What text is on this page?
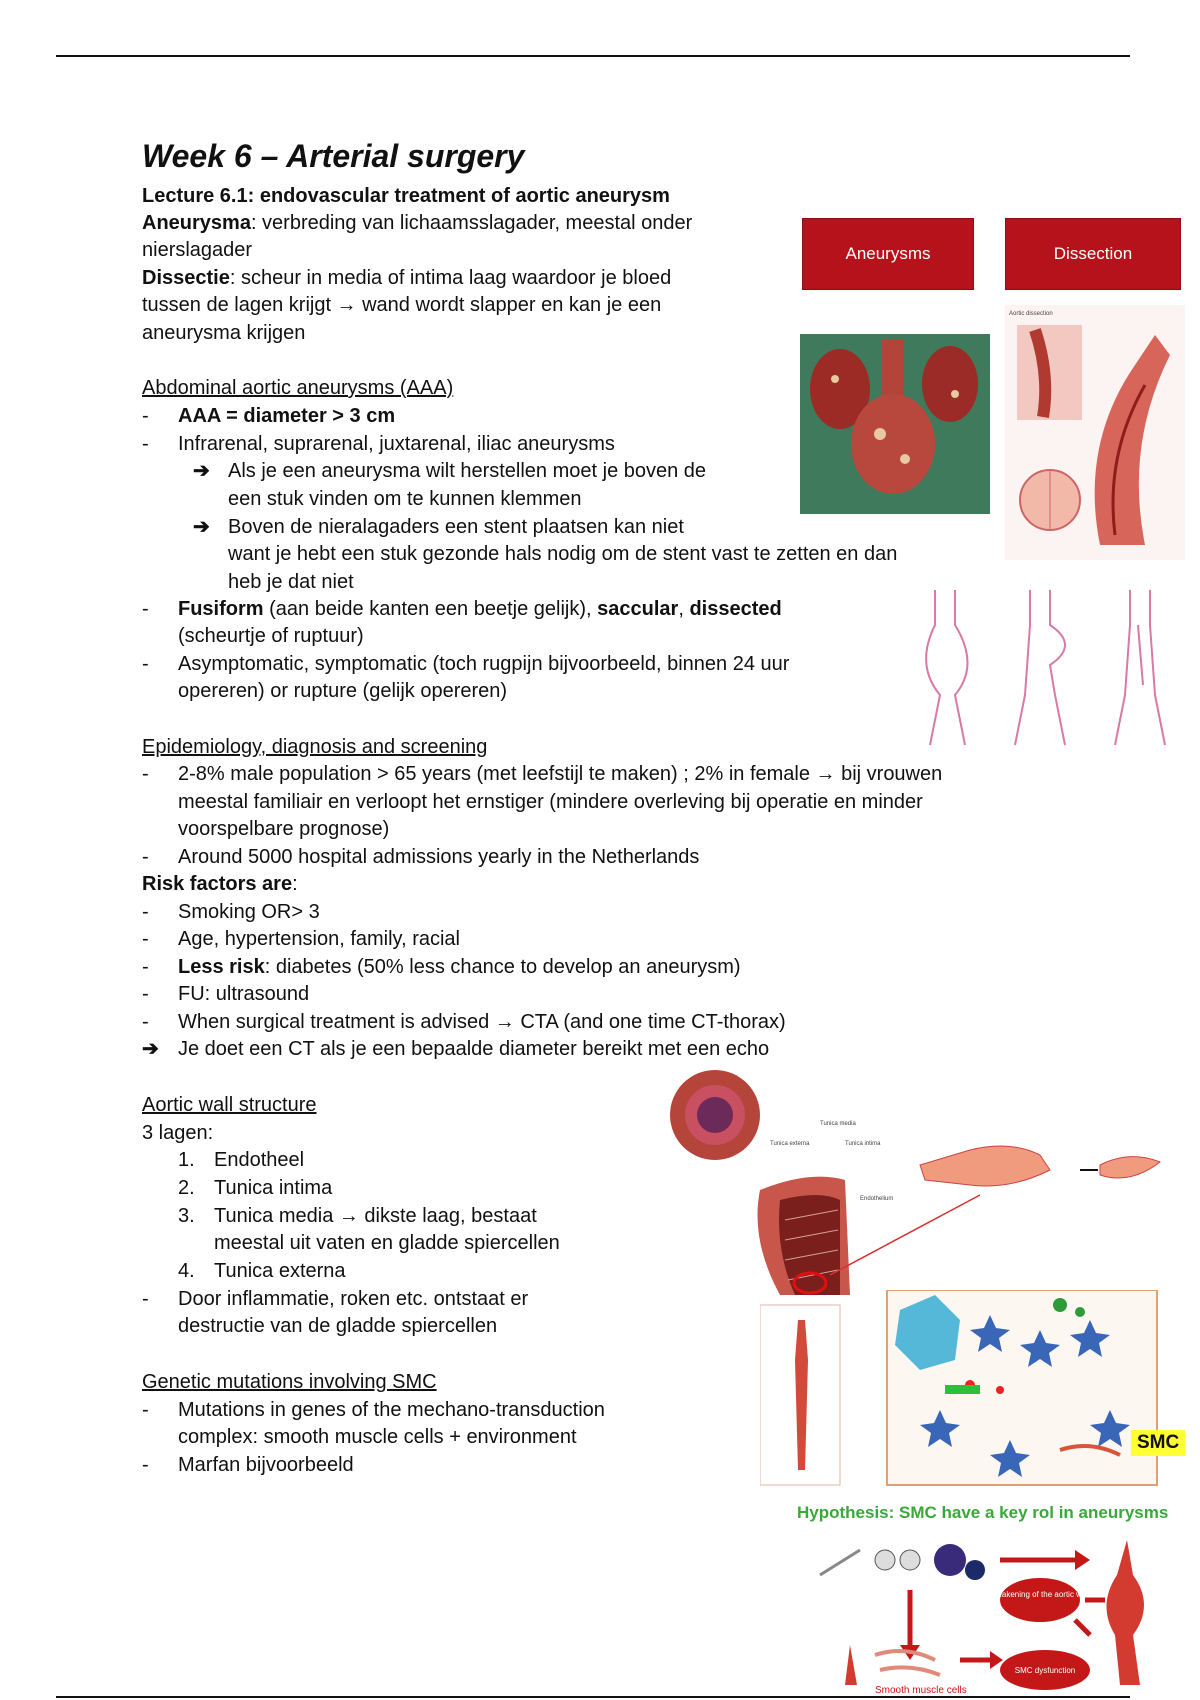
Week 6 – Arterial surgery
Lecture 6.1: endovascular treatment of aortic aneurysm
Aneurysma: verbreding van lichaamsslagader, meestal onder
nierslagader
Dissectie: scheur in media of intima laag waardoor je bloed
tussen de lagen krijgt → wand wordt slapper en kan je een
aneurysma krijgen
Abdominal aortic aneurysms (AAA)
- AAA = diameter > 3 cm
- Infrarenal, suprarenal, juxtarenal, iliac aneurysms
➔ Als je een aneurysma wilt herstellen moet je boven de
een stuk vinden om te kunnen klemmen
➔ Boven de nieralagaders een stent plaatsen kan niet
want je hebt een stuk gezonde hals nodig om de stent vast te zetten en dan
heb je dat niet
- Fusiform (aan beide kanten een beetje gelijk), saccular, dissected
(scheurtje of ruptuur)
- Asymptomatic, symptomatic (toch rugpijn bijvoorbeeld, binnen 24 uur
opereren) or rupture (gelijk opereren)
Epidemiology, diagnosis and screening
- 2-8% male population > 65 years (met leefstijl te maken) ; 2% in female → bij vrouwen
meestal familiair en verloopt het ernstiger (mindere overleving bij operatie en minder
voorspelbare prognose)
- Around 5000 hospital admissions yearly in the Netherlands
Risk factors are:
- Smoking OR> 3
- Age, hypertension, family, racial
- Less risk: diabetes (50% less chance to develop an aneurysm)
- FU: ultrasound
- When surgical treatment is advised → CTA (and one time CT-thorax)
➔ Je doet een CT als je een bepaalde diameter bereikt met een echo
Aortic wall structure
3 lagen:
1. Endotheel
2. Tunica intima
3. Tunica media → dikste laag, bestaat
meestal uit vaten en gladde spiercellen
4. Tunica externa
- Door inflammatie, roken etc. ontstaat er
destructie van de gladde spiercellen
Genetic mutations involving SMC
- Mutations in genes of the mechano-transduction
complex: smooth muscle cells + environment
- Marfan bijvoorbeeld
Aneurysms	Dissection
Aortic dissection
Tunica media
Tunica externa	Tunica intima
Endothelium
SMC
Hypothesis: SMC have a key rol in aneurysms
Weakening of the aortic wall
SMC dysfunction
Smooth muscle cells
